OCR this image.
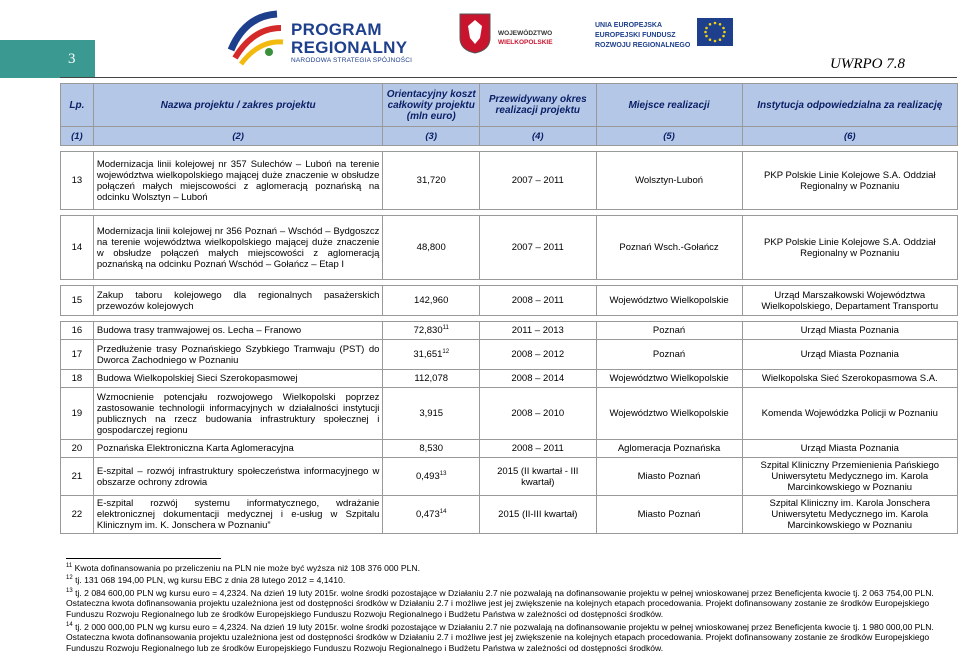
3
PROGRAM
REGIONALNY
NARODOWA STRATEGIA SPÓJNOŚCI
WOJEWÓDZTWO
WIELKOPOLSKIE
UNIA EUROPEJSKA
EUROPEJSKI FUNDUSZ
ROZWOJU REGIONALNEGO
UWRPO 7.8
Lp.	Nazwa projektu / zakres projektu	Orientacyjny koszt całkowity projektu (mln euro)	Przewidywany okres realizacji projektu	Miejsce realizacji	Instytucja odpowiedzialna za realizację
(1)	(2)	(3)	(4)	(5)	(6)

13	Modernizacja linii kolejowej nr 357 Sulechów – Luboń na terenie województwa wielkopolskiego mającej duże znaczenie w obsłudze połączeń małych miejscowości z aglomeracją poznańską na odcinku Wolsztyn – Luboń	31,720	2007 – 2011	Wolsztyn-Luboń	PKP Polskie Linie Kolejowe S.A. Oddział Regionalny w Poznaniu

14	Modernizacja linii kolejowej nr 356 Poznań – Wschód – Bydgoszcz na terenie województwa wielkopolskiego mającej duże znaczenie w obsłudze połączeń małych miejscowości z aglomeracją poznańską na odcinku Poznań Wschód – Gołańcz – Etap I	48,800	2007 – 2011	Poznań Wsch.-Gołańcz	PKP Polskie Linie Kolejowe S.A. Oddział Regionalny w Poznaniu

15	Zakup taboru kolejowego dla regionalnych pasażerskich przewozów kolejowych	142,960	2008 – 2011	Województwo Wielkopolskie	Urząd Marszałkowski Województwa Wielkopolskiego, Departament Transportu

16	Budowa trasy tramwajowej os. Lecha – Franowo	72,830$^{11}$	2011 – 2013	Poznań	Urząd Miasta Poznania
17	Przedłużenie trasy Poznańskiego Szybkiego Tramwaju (PST) do Dworca Zachodniego w Poznaniu	31,651$^{12}$	2008 – 2012	Poznań	Urząd Miasta Poznania
18	Budowa Wielkopolskiej Sieci Szerokopasmowej	112,078	2008 – 2014	Województwo Wielkopolskie	Wielkopolska Sieć Szerokopasmowa S.A.
19	Wzmocnienie potencjału rozwojowego Wielkopolski poprzez zastosowanie technologii informacyjnych w działalności instytucji publicznych na rzecz budowania infrastruktury społecznej i gospodarczej regionu	3,915	2008 – 2010	Województwo Wielkopolskie	Komenda Wojewódzka Policji w Poznaniu
20	Poznańska Elektroniczna Karta Aglomeracyjna	8,530	2008 – 2011	Aglomeracja Poznańska	Urząd Miasta Poznania
21	E-szpital – rozwój infrastruktury społeczeństwa informacyjnego w obszarze ochrony zdrowia	0,493$^{13}$	2015 (II kwartał - III kwartał)	Miasto Poznań	Szpital Kliniczny Przemienienia Pańskiego Uniwersytetu Medycznego im. Karola Marcinkowskiego w Poznaniu
22	E-szpital rozwój systemu informatycznego, wdrażanie elektronicznej dokumentacji medycznej i e-usług w Szpitalu Klinicznym im. K. Jonschera w Poznaniu”	0,473$^{14}$	2015 (II-III kwartał)	Miasto Poznań	Szpital Kliniczny im. Karola Jonschera Uniwersytetu Medycznego im. Karola Marcinkowskiego w Poznaniu

$^{11}$ Kwota dofinansowania po przeliczeniu na PLN nie może być wyższa niż 108 376 000 PLN.

$^{12}$ tj. 131 068 194,00 PLN, wg kursu EBC z dnia 28 lutego 2012 = 4,1410.

$^{13}$ tj. 2 084 600,00 PLN wg kursu euro = 4,2324. Na dzień 19 luty 2015r. wolne środki pozostające w Działaniu 2.7 nie pozwalają na dofinansowanie projektu w pełnej wnioskowanej przez Beneficjenta kwocie tj. 2 063 754,00 PLN. Ostateczna kwota dofinansowania projektu uzależniona jest od dostępności środków w Działaniu 2.7 i możliwe jest jej zwiększenie na kolejnych etapach procedowania. Projekt dofinansowany zostanie ze środków Europejskiego Funduszu Rozwoju Regionalnego lub ze środków Europejskiego Funduszu Rozwoju Regionalnego i Budżetu Państwa w zależności od dostępności środków.

$^{14}$ tj. 2 000 000,00 PLN wg kursu euro = 4,2324. Na dzień 19 luty 2015r. wolne środki pozostające w Działaniu 2.7 nie pozwalają na dofinansowanie projektu w pełnej wnioskowanej przez Beneficjenta kwocie tj. 1 980 000,00 PLN. Ostateczna kwota dofinansowania projektu uzależniona jest od dostępności środków w Działaniu 2.7 i możliwe jest jej zwiększenie na kolejnych etapach procedowania. Projekt dofinansowany zostanie ze środków Europejskiego Funduszu Rozwoju Regionalnego lub ze środków Europejskiego Funduszu Rozwoju Regionalnego i Budżetu Państwa w zależności od dostępności środków.
